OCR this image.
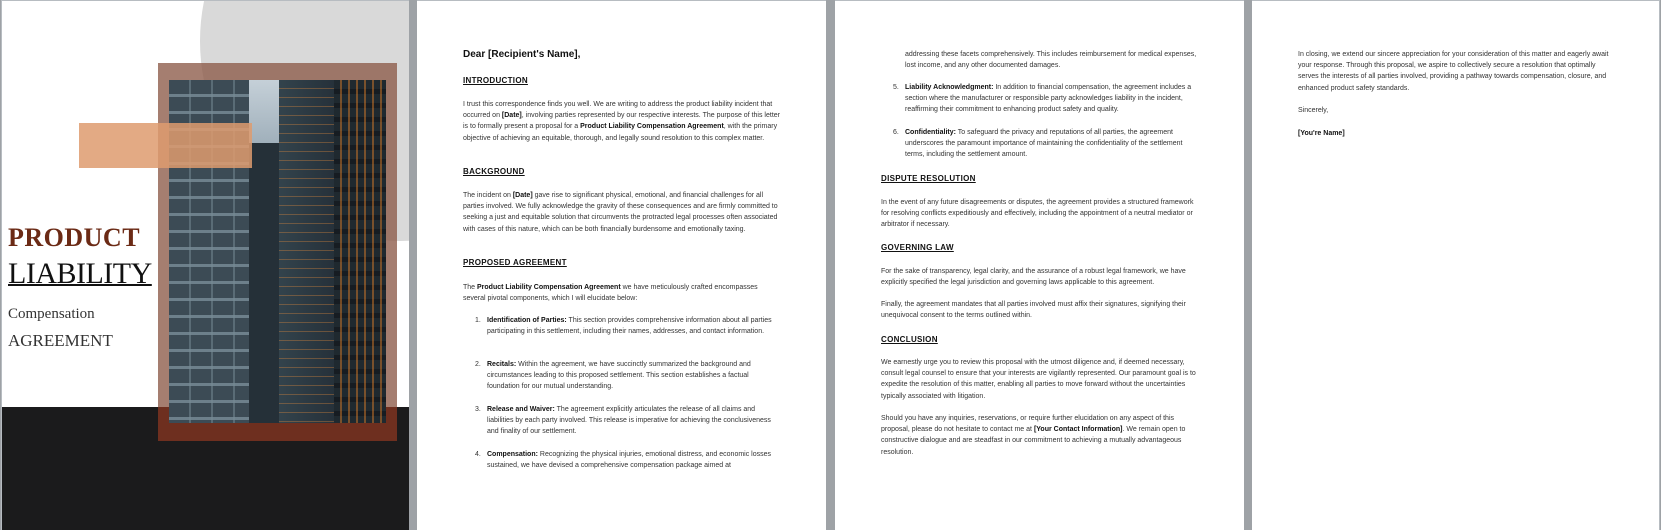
PRODUCT
LIABILITY
Compensation
AGREEMENT
Dear [Recipient's Name],
INTRODUCTION
I trust this correspondence finds you well. We are writing to address the product liability incident that occurred on [Date], involving parties represented by our respective interests. The purpose of this letter is to formally present a proposal for a Product Liability Compensation Agreement, with the primary objective of achieving an equitable, thorough, and legally sound resolution to this complex matter.
BACKGROUND
The incident on [Date] gave rise to significant physical, emotional, and financial challenges for all parties involved. We fully acknowledge the gravity of these consequences and are firmly committed to seeking a just and equitable solution that circumvents the protracted legal processes often associated with cases of this nature, which can be both financially burdensome and emotionally taxing.
PROPOSED AGREEMENT
The Product Liability Compensation Agreement we have meticulously crafted encompasses several pivotal components, which I will elucidate below:
1. Identification of Parties: This section provides comprehensive information about all parties participating in this settlement, including their names, addresses, and contact information.
2. Recitals: Within the agreement, we have succinctly summarized the background and circumstances leading to this proposed settlement. This section establishes a factual foundation for our mutual understanding.
3. Release and Waiver: The agreement explicitly articulates the release of all claims and liabilities by each party involved. This release is imperative for achieving the conclusiveness and finality of our settlement.
4. Compensation: Recognizing the physical injuries, emotional distress, and economic losses sustained, we have devised a comprehensive compensation package aimed at
addressing these facets comprehensively. This includes reimbursement for medical expenses, lost income, and any other documented damages.
5. Liability Acknowledgment: In addition to financial compensation, the agreement includes a section where the manufacturer or responsible party acknowledges liability in the incident, reaffirming their commitment to enhancing product safety and quality.
6. Confidentiality: To safeguard the privacy and reputations of all parties, the agreement underscores the paramount importance of maintaining the confidentiality of the settlement terms, including the settlement amount.
DISPUTE RESOLUTION
In the event of any future disagreements or disputes, the agreement provides a structured framework for resolving conflicts expeditiously and effectively, including the appointment of a neutral mediator or arbitrator if necessary.
GOVERNING LAW
For the sake of transparency, legal clarity, and the assurance of a robust legal framework, we have explicitly specified the legal jurisdiction and governing laws applicable to this agreement.
Finally, the agreement mandates that all parties involved must affix their signatures, signifying their unequivocal consent to the terms outlined within.
CONCLUSION
We earnestly urge you to review this proposal with the utmost diligence and, if deemed necessary, consult legal counsel to ensure that your interests are vigilantly represented. Our paramount goal is to expedite the resolution of this matter, enabling all parties to move forward without the uncertainties typically associated with litigation.
Should you have any inquiries, reservations, or require further elucidation on any aspect of this proposal, please do not hesitate to contact me at [Your Contact Information]. We remain open to constructive dialogue and are steadfast in our commitment to achieving a mutually advantageous resolution.
In closing, we extend our sincere appreciation for your consideration of this matter and eagerly await your response. Through this proposal, we aspire to collectively secure a resolution that optimally serves the interests of all parties involved, providing a pathway towards compensation, closure, and enhanced product safety standards.
Sincerely,
[You're Name]
